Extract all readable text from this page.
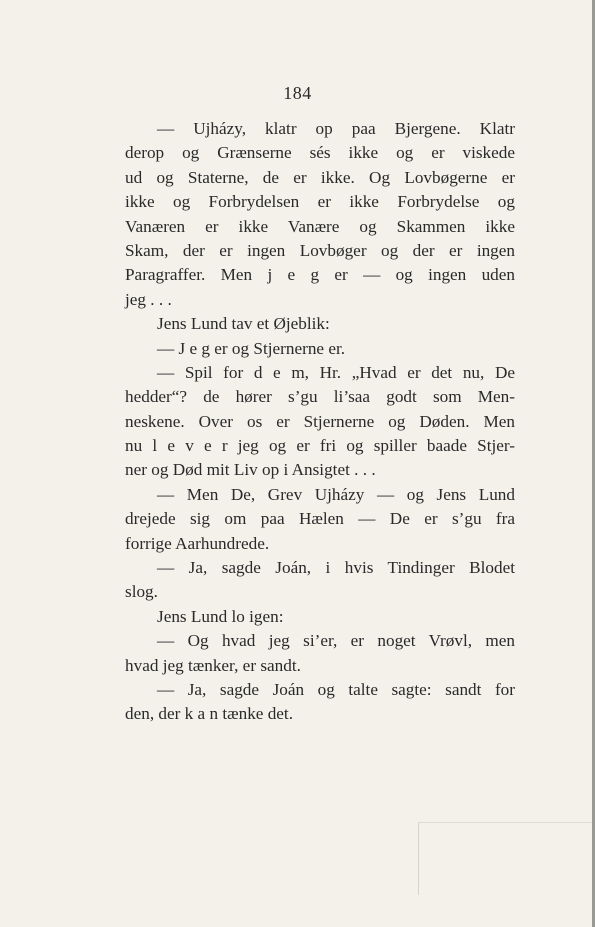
184
— Ujházy, klatr op paa Bjergene. Klatr
derop og Grænserne sés ikke og er viskede
ud og Staterne, de er ikke. Og Lovbøgerne er
ikke og Forbrydelsen er ikke Forbrydelse og
Vanæren er ikke Vanære og Skammen ikke
Skam, der er ingen Lovbøger og der er ingen
Paragraffer. Men j e g er — og ingen uden
jeg . . .
Jens Lund tav et Øjeblik:
— J e g er og Stjernerne er.
— Spil for d e m, Hr. „Hvad er det nu, De
hedder“? de hører s’gu li’saa godt som Men-
neskene. Over os er Stjernerne og Døden. Men
nu l e v e r jeg og er fri og spiller baade Stjer-
ner og Død mit Liv op i Ansigtet . . .
— Men De, Grev Ujházy — og Jens Lund
drejede sig om paa Hælen — De er s’gu fra
forrige Aarhundrede.
— Ja, sagde Joán, i hvis Tindinger Blodet
slog.
Jens Lund lo igen:
— Og hvad jeg si’er, er noget Vrøvl, men
hvad jeg tænker, er sandt.
— Ja, sagde Joán og talte sagte: sandt for
den, der k a n tænke det.
